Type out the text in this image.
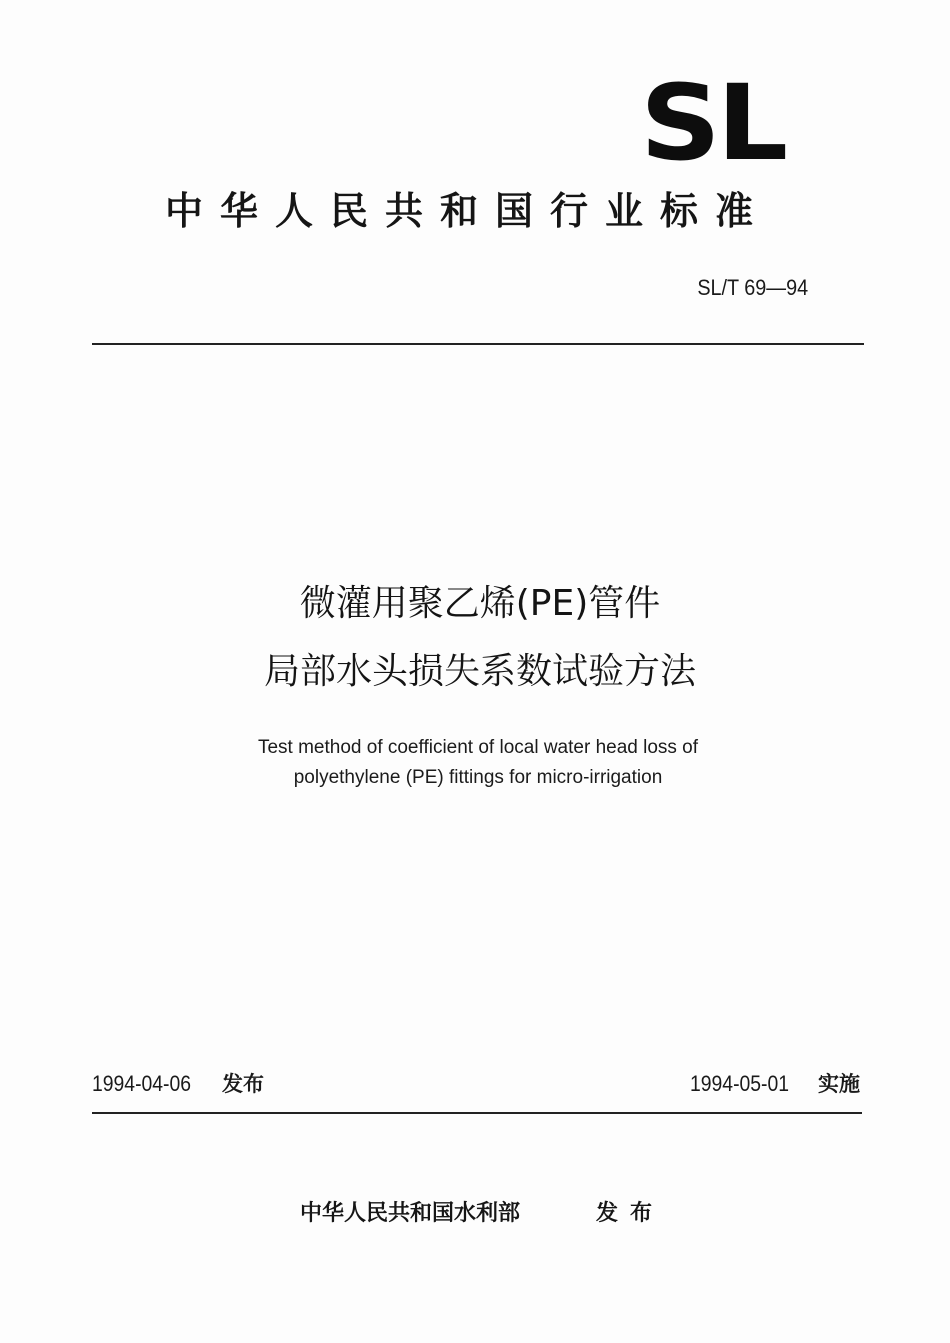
SL
中华人民共和国行业标准
SL/T 69—94
微灌用聚乙烯(PE)管件
局部水头损失系数试验方法
Test method of coefficient of local water head loss of
polyethylene (PE) fittings for micro-irrigation
1994-04-06 发布	1994-05-01 实施
中华人民共和国水利部	发布
